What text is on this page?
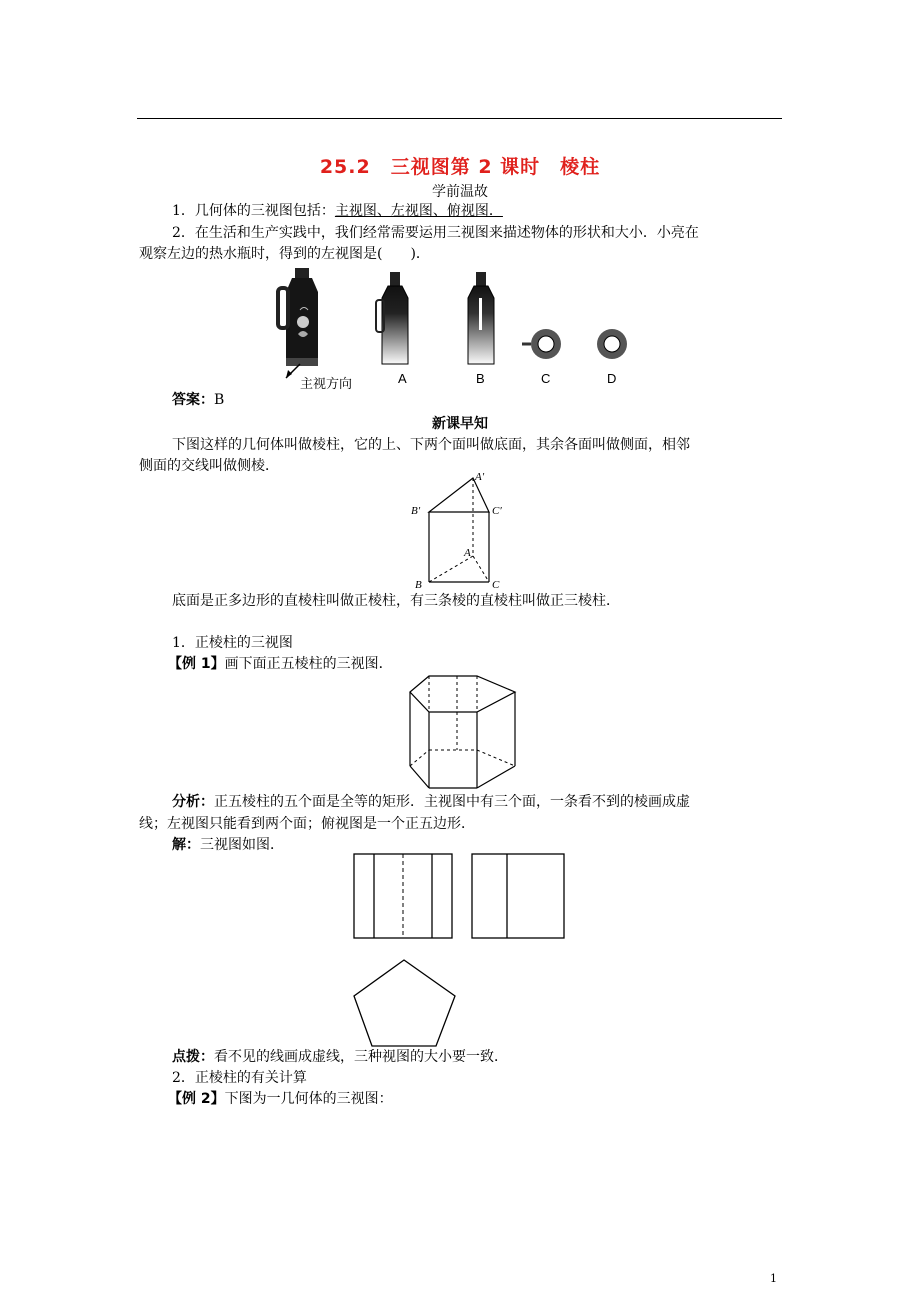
25.2　三视图第 2 课时　棱柱
学前温故
1．几何体的三视图包括：主视图、左视图、俯视图．
2．在生活和生产实践中，我们经常需要运用三视图来描述物体的形状和大小．小亮在
观察左边的热水瓶时，得到的左视图是(　　)．
主视方向	A	B	C	D
答案：B
新课早知
下图这样的几何体叫做棱柱，它的上、下两个面叫做底面，其余各面叫做侧面，相邻
侧面的交线叫做侧棱．
A′
B′	C′
A
B	C
底面是正多边形的直棱柱叫做正棱柱，有三条棱的直棱柱叫做正三棱柱．
1．正棱柱的三视图
【例 1】画下面正五棱柱的三视图．
分析：正五棱柱的五个面是全等的矩形．主视图中有三个面，一条看不到的棱画成虚
线；左视图只能看到两个面；俯视图是一个正五边形．
解：三视图如图．
点拨：看不见的线画成虚线，三种视图的大小要一致．
2．正棱柱的有关计算
【例 2】下图为一几何体的三视图：
1
